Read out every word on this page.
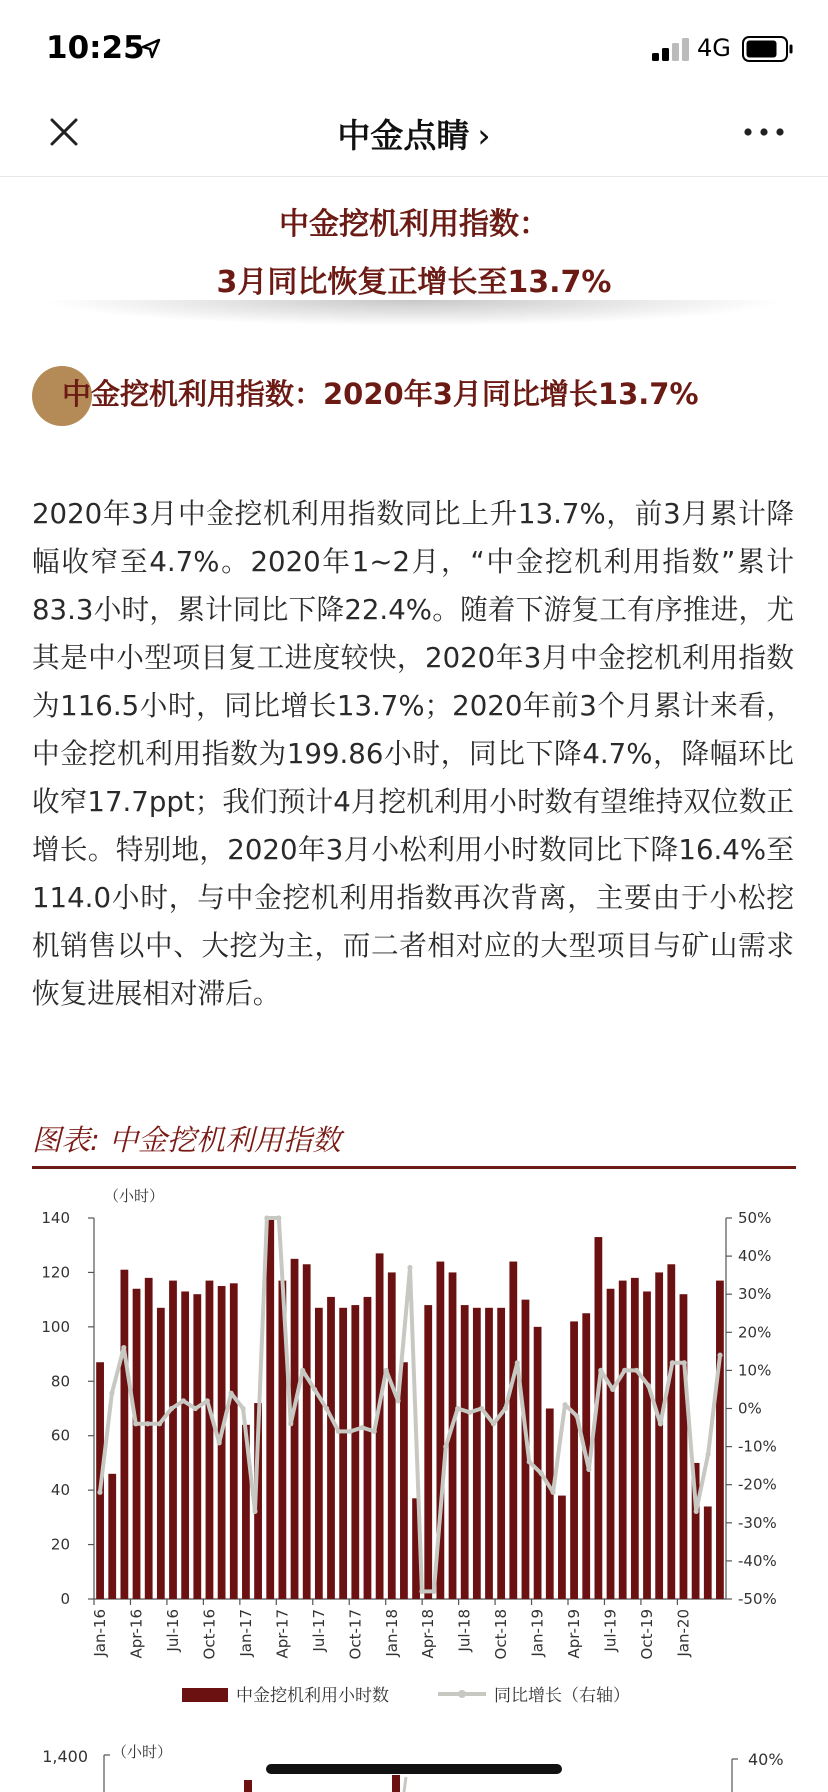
10:25	4G
中金点睛 ›
中金挖机利用指数：
3月同比恢复正增长至13.7%
中金挖机利用指数：2020年3月同比增长13.7%
2020年3月中金挖机利用指数同比上升13.7%，前3月累计降幅收窄至4.7%。2020年1~2月，“中金挖机利用指数”累计83.3小时，累计同比下降22.4%。随着下游复工有序推进，尤其是中小型项目复工进度较快，2020年3月中金挖机利用指数为116.5小时，同比增长13.7%；2020年前3个月累计来看，中金挖机利用指数为199.86小时，同比下降4.7%，降幅环比收窄17.7ppt；我们预计4月挖机利用小时数有望维持双位数正增长。特别地，2020年3月小松利用小时数同比下降16.4%至114.0小时，与中金挖机利用指数再次背离，主要由于小松挖机销售以中、大挖为主，而二者相对应的大型项目与矿山需求恢复进展相对滞后。
图表: 中金挖机利用指数
0
20
40
60
80
100
120
140
-50%
-40%
-30%
-20%
-10%
0%
10%
20%
30%
40%
50%
Jan-16 Apr-16 Jul-16 Oct-16 Jan-17 Apr-17 Jul-17 Oct-17 Jan-18 Apr-18 Jul-18 Oct-18 Jan-19 Apr-19 Jul-19 Oct-19 Jan-20
（小时）
中金挖机利用小时数	同比增长（右轴）
1,400 （小时）	40%
